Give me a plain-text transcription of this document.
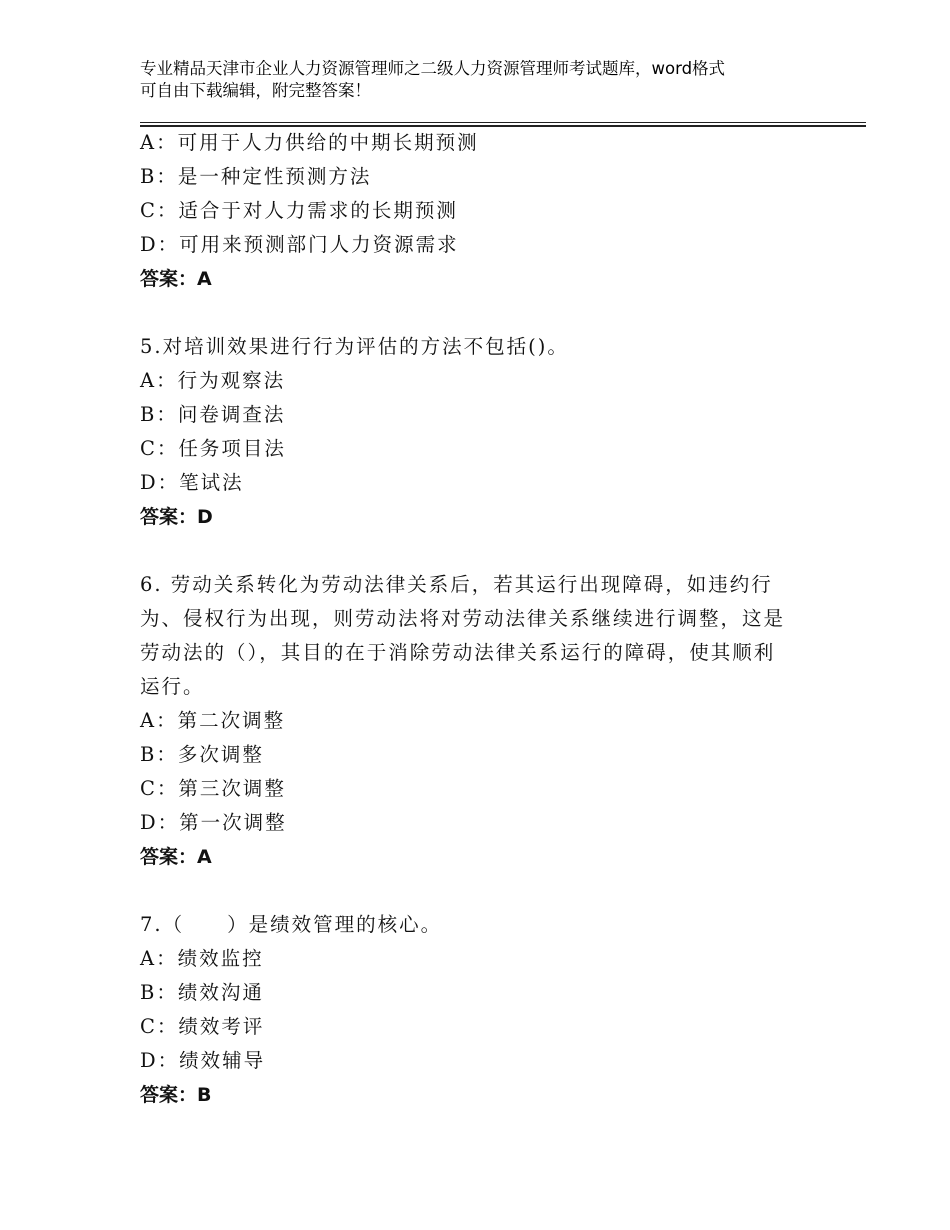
专业精品天津市企业人力资源管理师之二级人力资源管理师考试题库，word格式
可自由下载编辑，附完整答案！
A：可用于人力供给的中期长期预测
B：是一种定性预测方法
C：适合于对人力需求的长期预测
D：可用来预测部门人力资源需求
答案：A
5.对培训效果进行行为评估的方法不包括()。
A：行为观察法
B：问卷调查法
C：任务项目法
D：笔试法
答案：D
6. 劳动关系转化为劳动法律关系后，若其运行出现障碍，如违约行
为、侵权行为出现，则劳动法将对劳动法律关系继续进行调整，这是
劳动法的（），其目的在于消除劳动法律关系运行的障碍，使其顺利
运行。
A：第二次调整
B：多次调整
C：第三次调整
D：第一次调整
答案：A
7.（　　）是绩效管理的核心。
A：绩效监控
B：绩效沟通
C：绩效考评
D：绩效辅导
答案：B
